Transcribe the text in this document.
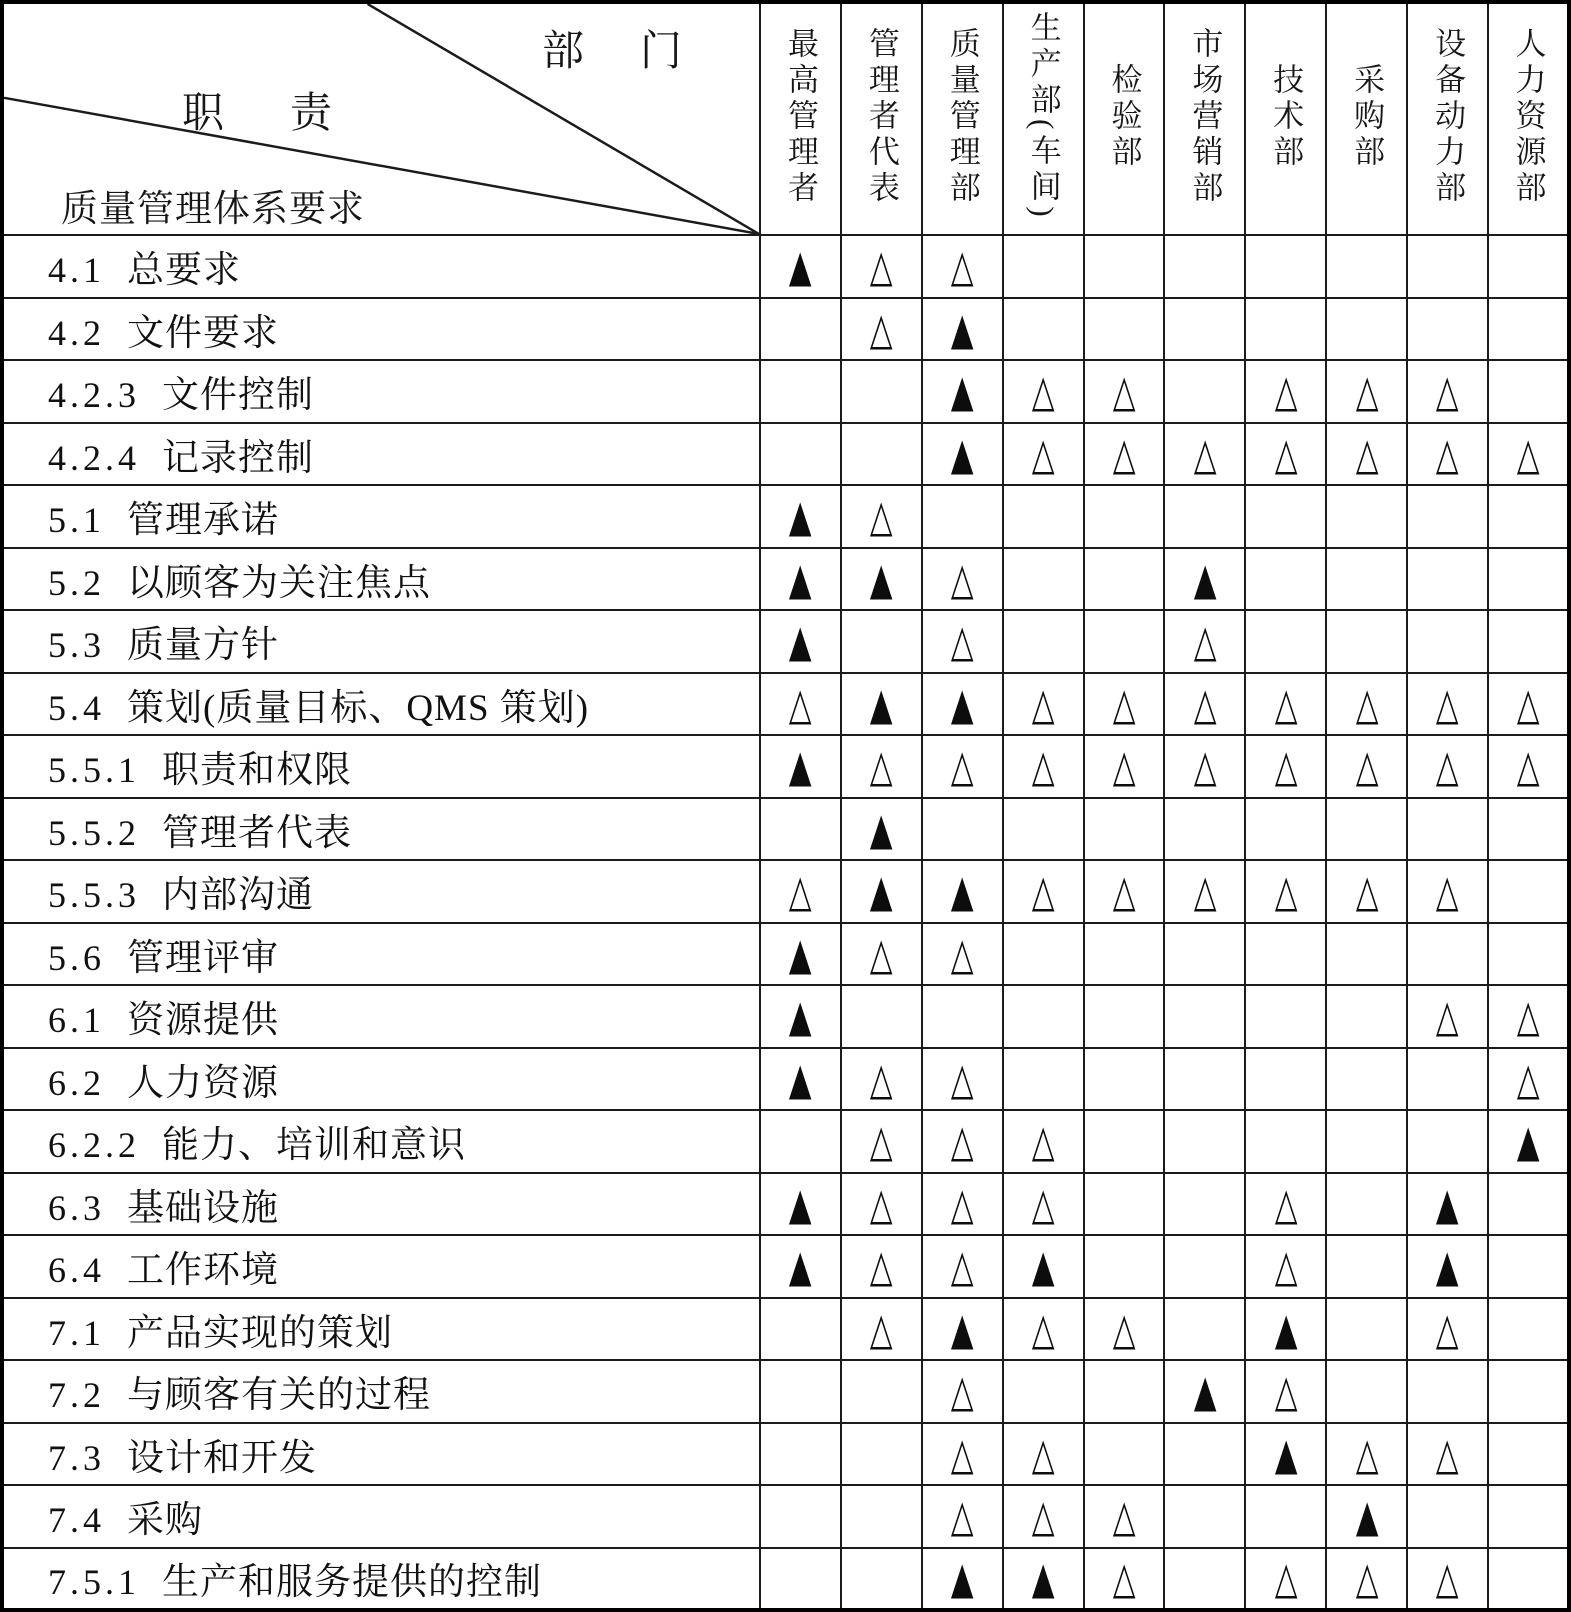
部门
职责
质量管理体系要求	最高管理者	管理者代表	质量管理部	生产部(车间)	检验部	市场营销部	技术部	采购部	设备动力部	人力资源部
4.1 总要求	▲	△	△							
4.2 文件要求		△	▲							
4.2.3 文件控制			▲	△	△		△	△	△	
4.2.4 记录控制			▲	△	△	△	△	△	△	△
5.1 管理承诺	▲	△								
5.2 以顾客为关注焦点	▲	▲	△			▲				
5.3 质量方针	▲		△			△				
5.4 策划(质量目标、QMS 策划)	△	▲	▲	△	△	△	△	△	△	△
5.5.1 职责和权限	▲	△	△	△	△	△	△	△	△	△
5.5.2 管理者代表		▲								
5.5.3 内部沟通	△	▲	▲	△	△	△	△	△	△	
5.6 管理评审	▲	△	△							
6.1 资源提供	▲								△	△
6.2 人力资源	▲	△	△							△
6.2.2 能力、培训和意识		△	△	△						▲
6.3 基础设施	▲	△	△	△			△		▲	
6.4 工作环境	▲	△	△	▲			△		▲	
7.1 产品实现的策划		△	▲	△	△		▲		△	
7.2 与顾客有关的过程			△			▲	△			
7.3 设计和开发			△	△			▲	△	△	
7.4 采购			△	△	△			▲		
7.5.1 生产和服务提供的控制			▲	▲	△		△	△	△	
